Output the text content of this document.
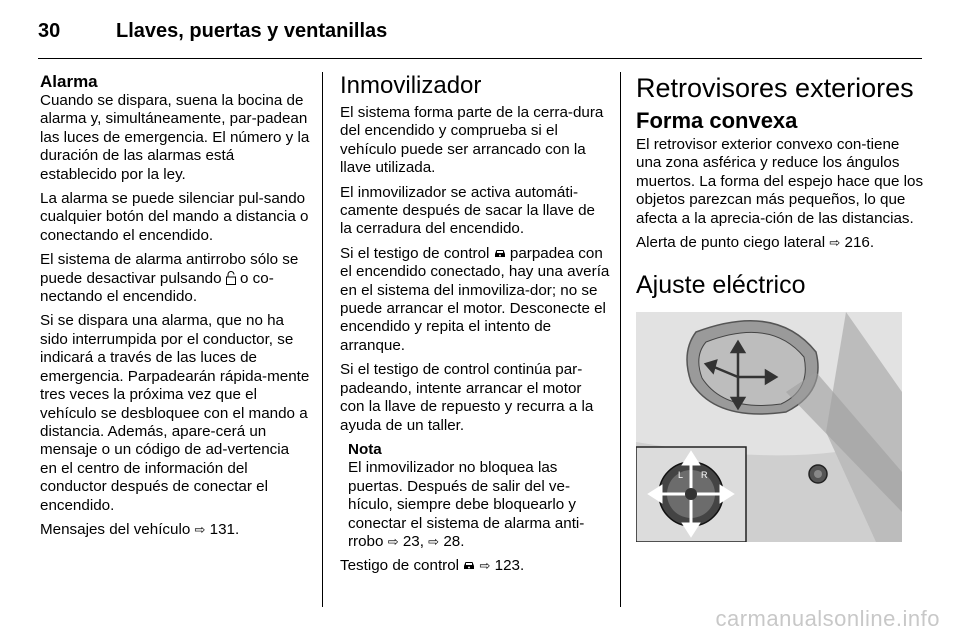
30	Llaves, puertas y ventanillas
Alarma

Cuando se dispara, suena la bocina de alarma y, simultáneamente, par-padean las luces de emergencia. El número y la duración de las alarmas está establecido por la ley.

La alarma se puede silenciar pul-sando cualquier botón del mando a distancia o conectando el encendido.

El sistema de alarma antirrobo sólo se puede desactivar pulsando  o co-nectando el encendido.

Si se dispara una alarma, que no ha sido interrumpida por el conductor, se indicará a través de las luces de emergencia. Parpadearán rápida-mente tres veces la próxima vez que el vehículo se desbloquee con el mando a distancia. Además, apare-cerá un mensaje o un código de ad-vertencia en el centro de información del conductor después de conectar el encendido.

Mensajes del vehículo ⇨ 131.

Inmovilizador

El sistema forma parte de la cerra-dura del encendido y comprueba si el vehículo puede ser arrancado con la llave utilizada.

El inmovilizador se activa automáti-camente después de sacar la llave de la cerradura del encendido.

Si el testigo de control  parpadea con el encendido conectado, hay una avería en el sistema del inmoviliza-dor; no se puede arrancar el motor. Desconecte el encendido y repita el intento de arranque.

Si el testigo de control continúa par-padeando, intente arrancar el motor con la llave de repuesto y recurra a la ayuda de un taller.

Nota
El inmovilizador no bloquea las puertas. Después de salir del ve-hículo, siempre debe bloquearlo y conectar el sistema de alarma anti-rrobo ⇨ 23, ⇨ 28.

Testigo de control  ⇨ 123.

Retrovisores exteriores
Forma convexa

El retrovisor exterior convexo con-tiene una zona asférica y reduce los ángulos muertos. La forma del espejo hace que los objetos parezcan más pequeños, lo que afecta a la aprecia-ción de las distancias.

Alerta de punto ciego lateral ⇨ 216.

Ajuste eléctrico
L R
carmanualsonline.info
